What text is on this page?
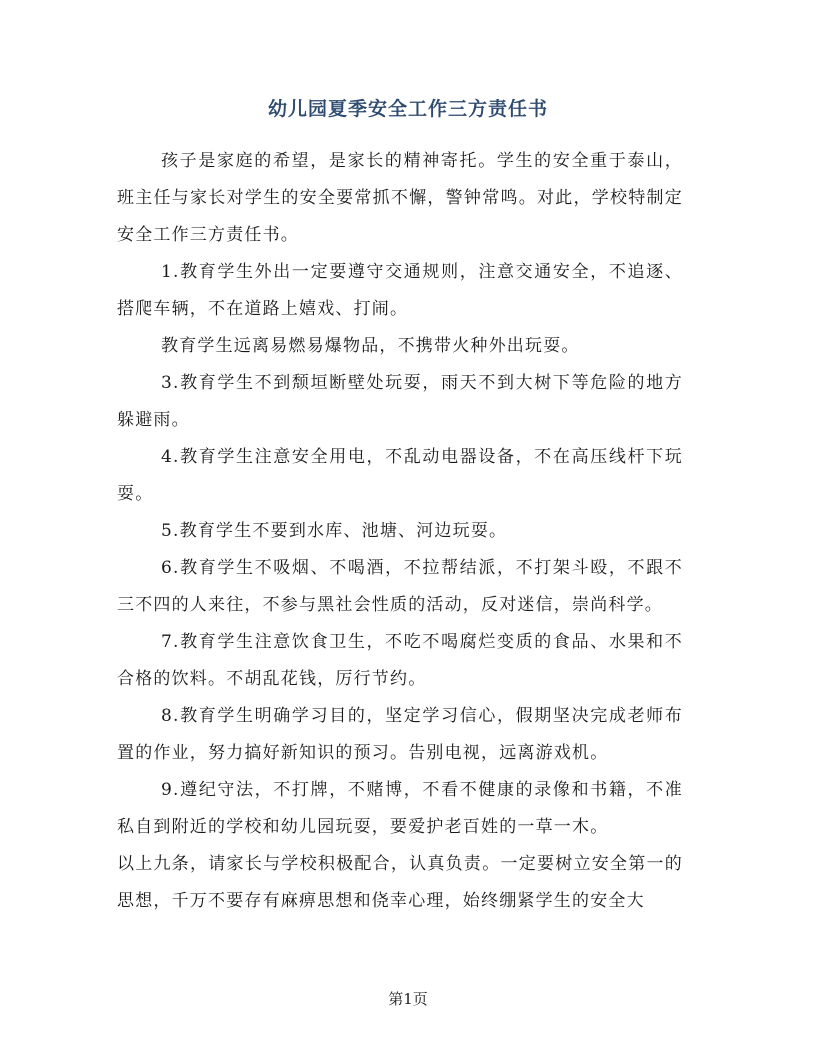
幼儿园夏季安全工作三方责任书

孩子是家庭的希望，是家长的精神寄托。学生的安全重于泰山，班主任与家长对学生的安全要常抓不懈，警钟常鸣。对此，学校特制定安全工作三方责任书。

1.教育学生外出一定要遵守交通规则，注意交通安全，不追逐、搭爬车辆，不在道路上嬉戏、打闹。

教育学生远离易燃易爆物品，不携带火种外出玩耍。

3.教育学生不到颓垣断壁处玩耍，雨天不到大树下等危险的地方躲避雨。

4.教育学生注意安全用电，不乱动电器设备，不在高压线杆下玩耍。

5.教育学生不要到水库、池塘、河边玩耍。

6.教育学生不吸烟、不喝酒，不拉帮结派，不打架斗殴，不跟不三不四的人来往，不参与黑社会性质的活动，反对迷信，崇尚科学。

7.教育学生注意饮食卫生，不吃不喝腐烂变质的食品、水果和不合格的饮料。不胡乱花钱，厉行节约。

8.教育学生明确学习目的，坚定学习信心，假期坚决完成老师布置的作业，努力搞好新知识的预习。告别电视，远离游戏机。

9.遵纪守法，不打牌，不赌博，不看不健康的录像和书籍，不准私自到附近的学校和幼儿园玩耍，要爱护老百姓的一草一木。

以上九条，请家长与学校积极配合，认真负责。一定要树立安全第一的思想，千万不要存有麻痹思想和侥幸心理，始终绷紧学生的安全大

第1页
